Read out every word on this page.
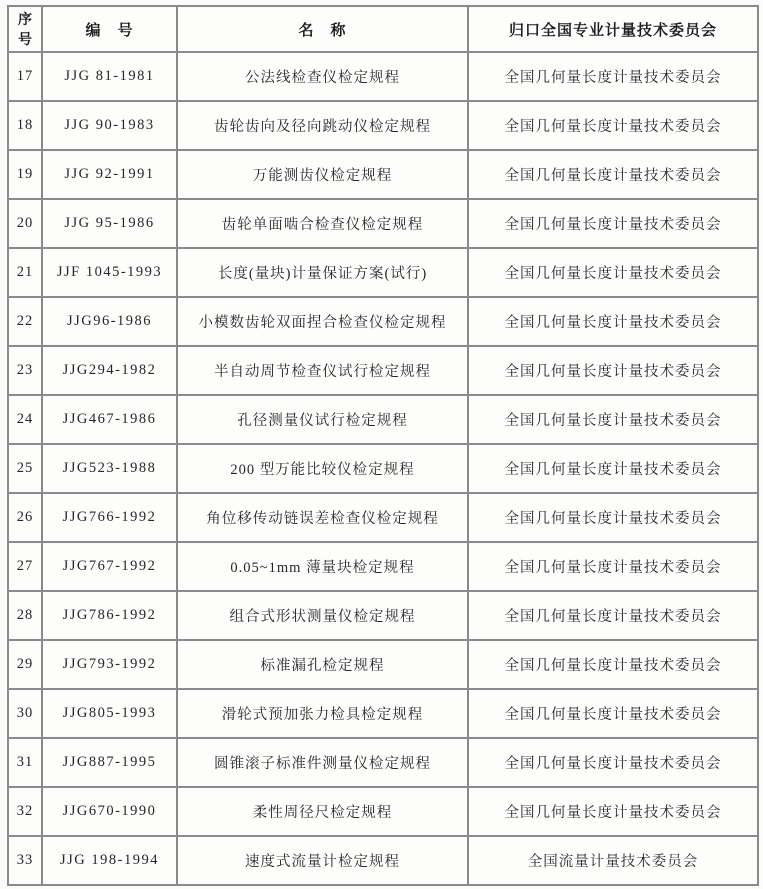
序号	编　号	名　称	归口全国专业计量技术委员会
17	JJG 81-1981	公法线检查仪检定规程	全国几何量长度计量技术委员会
18	JJG 90-1983	齿轮齿向及径向跳动仪检定规程	全国几何量长度计量技术委员会
19	JJG 92-1991	万能测齿仪检定规程	全国几何量长度计量技术委员会
20	JJG 95-1986	齿轮单面啮合检查仪检定规程	全国几何量长度计量技术委员会
21	JJF 1045-1993	长度(量块)计量保证方案(试行)	全国几何量长度计量技术委员会
22	JJG96-1986	小模数齿轮双面捏合检查仪检定规程	全国几何量长度计量技术委员会
23	JJG294-1982	半自动周节检查仪试行检定规程	全国几何量长度计量技术委员会
24	JJG467-1986	孔径测量仪试行检定规程	全国几何量长度计量技术委员会
25	JJG523-1988	200 型万能比较仪检定规程	全国几何量长度计量技术委员会
26	JJG766-1992	角位移传动链误差检查仪检定规程	全国几何量长度计量技术委员会
27	JJG767-1992	0.05~1mm 薄量块检定规程	全国几何量长度计量技术委员会
28	JJG786-1992	组合式形状测量仪检定规程	全国几何量长度计量技术委员会
29	JJG793-1992	标准漏孔检定规程	全国几何量长度计量技术委员会
30	JJG805-1993	滑轮式预加张力检具检定规程	全国几何量长度计量技术委员会
31	JJG887-1995	圆锥滚子标准件测量仪检定规程	全国几何量长度计量技术委员会
32	JJG670-1990	柔性周径尺检定规程	全国几何量长度计量技术委员会
33	JJG 198-1994	速度式流量计检定规程	全国流量计量技术委员会
